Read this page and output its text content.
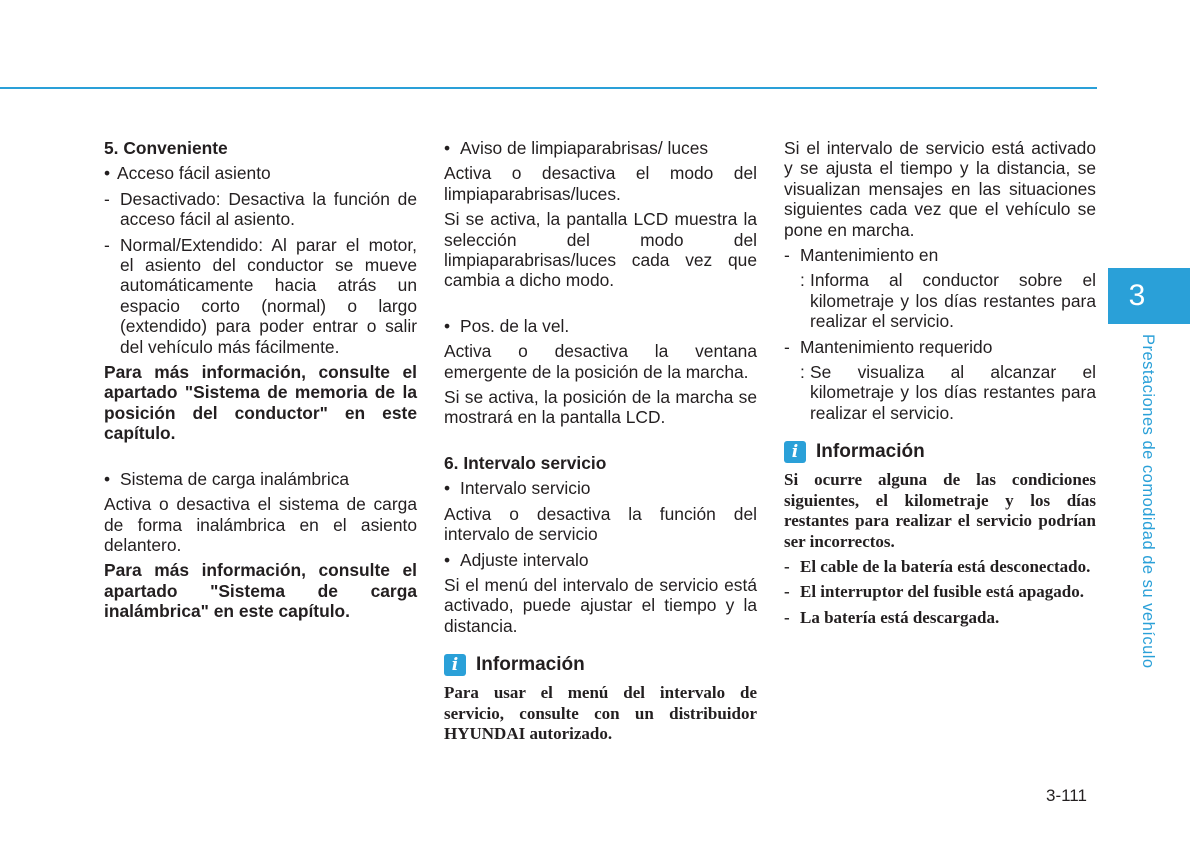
5. Conveniente
• Acceso fácil asiento
- Desactivado: Desactiva la función de acceso fácil al asiento.
- Normal/Extendido: Al parar el motor, el asiento del conductor se mueve automáticamente hacia atrás un espacio corto (normal) o largo (extendido) para poder entrar o salir del vehículo más fácilmente.
Para más información, consulte el apartado "Sistema de memoria de la posición del conductor" en este capítulo.
• Sistema de carga inalámbrica
Activa o desactiva el sistema de carga de forma inalámbrica en el asiento delantero.
Para más información, consulte el apartado "Sistema de carga inalámbrica" en este capítulo.
• Aviso de limpiaparabrisas/ luces
Activa o desactiva el modo del limpiaparabrisas/luces.
Si se activa, la pantalla LCD muestra la selección del modo del limpiaparabrisas/luces cada vez que cambia a dicho modo.
• Pos. de la vel.
Activa o desactiva la ventana emergente de la posición de la marcha.
Si se activa, la posición de la marcha se mostrará en la pantalla LCD.
6. Intervalo servicio
• Intervalo servicio
Activa o desactiva la función del intervalo de servicio
• Adjuste intervalo
Si el menú del intervalo de servicio está activado, puede ajustar el tiempo y la distancia.
i Información
Para usar el menú del intervalo de servicio, consulte con un distribuidor HYUNDAI autorizado.
Si el intervalo de servicio está activado y se ajusta el tiempo y la distancia, se visualizan mensajes en las situaciones siguientes cada vez que el vehículo se pone en marcha.
- Mantenimiento en
: Informa al conductor sobre el kilometraje y los días restantes para realizar el servicio.
- Mantenimiento requerido
: Se visualiza al alcanzar el kilometraje y los días restantes para realizar el servicio.
i Información
Si ocurre alguna de las condiciones siguientes, el kilometraje y los días restantes para realizar el servicio podrían ser incorrectos.
- El cable de la batería está desconectado.
- El interruptor del fusible está apagado.
- La batería está descargada.
3
Prestaciones de comodidad de su vehículo
3-111
